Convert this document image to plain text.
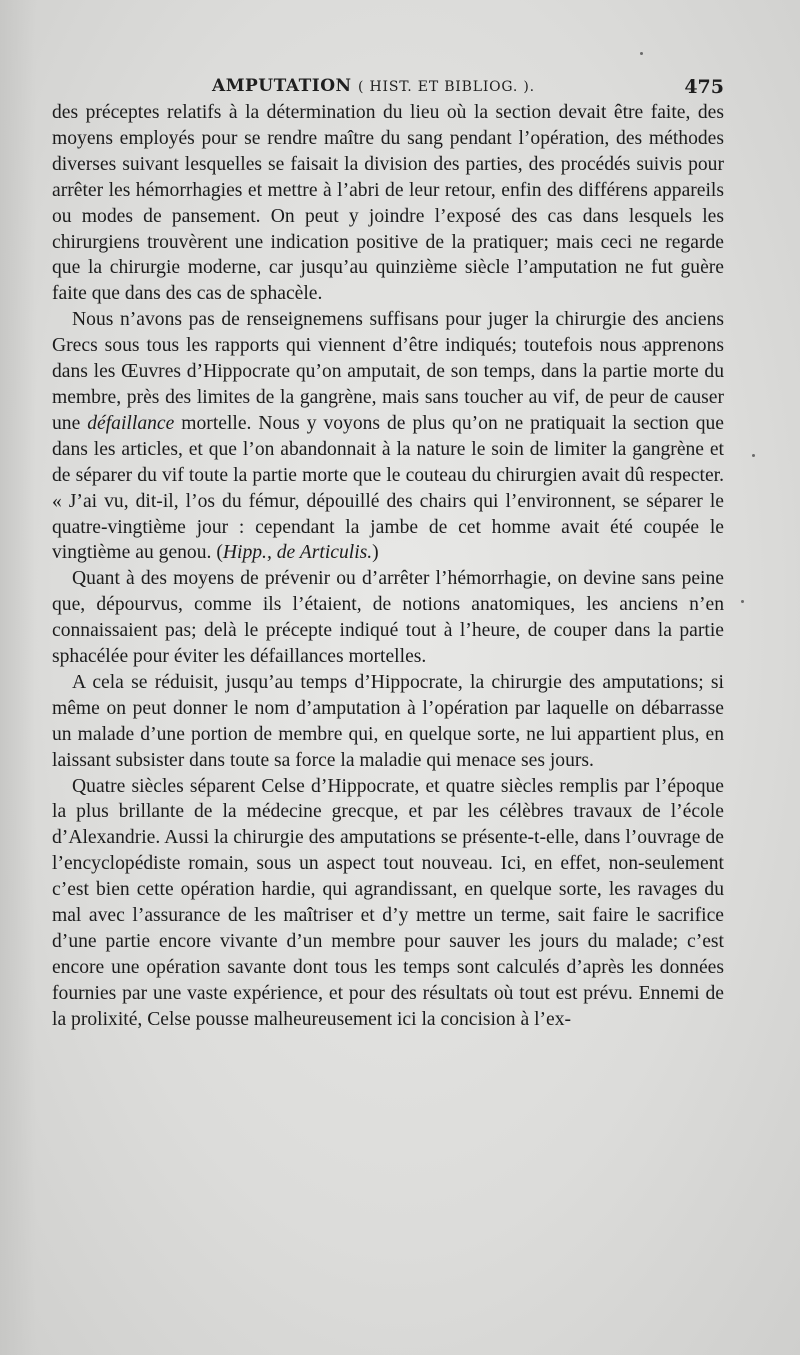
AMPUTATION ( HIST. ET BIBLIOG. ).	475

des préceptes relatifs à la détermination du lieu où la section devait être faite, des moyens employés pour se rendre maître du sang pendant l’opération, des méthodes diverses suivant lesquelles se faisait la division des parties, des procédés suivis pour arrêter les hémorrhagies et mettre à l’abri de leur retour, enfin des différens appareils ou modes de pansement. On peut y joindre l’exposé des cas dans lesquels les chirurgiens trouvèrent une indication positive de la pratiquer; mais ceci ne regarde que la chirurgie moderne, car jusqu’au quinzième siècle l’amputation ne fut guère faite que dans des cas de sphacèle.

Nous n’avons pas de renseignemens suffisans pour juger la chirurgie des anciens Grecs sous tous les rapports qui viennent d’être indiqués; toutefois nous apprenons dans les Œuvres d’Hippocrate qu’on amputait, de son temps, dans la partie morte du membre, près des limites de la gangrène, mais sans toucher au vif, de peur de causer une défaillance mortelle. Nous y voyons de plus qu’on ne pratiquait la section que dans les articles, et que l’on abandonnait à la nature le soin de limiter la gangrène et de séparer du vif toute la partie morte que le couteau du chirurgien avait dû respecter. « J’ai vu, dit-il, l’os du fémur, dépouillé des chairs qui l’environnent, se séparer le quatre-vingtième jour : cependant la jambe de cet homme avait été coupée le vingtième au genou. (Hipp., de Articulis.)

Quant à des moyens de prévenir ou d’arrêter l’hémorrhagie, on devine sans peine que, dépourvus, comme ils l’étaient, de notions anatomiques, les anciens n’en connaissaient pas; delà le précepte indiqué tout à l’heure, de couper dans la partie sphacélée pour éviter les défaillances mortelles.

A cela se réduisit, jusqu’au temps d’Hippocrate, la chirurgie des amputations; si même on peut donner le nom d’amputation à l’opération par laquelle on débarrasse un malade d’une portion de membre qui, en quelque sorte, ne lui appartient plus, en laissant subsister dans toute sa force la maladie qui menace ses jours.

Quatre siècles séparent Celse d’Hippocrate, et quatre siècles remplis par l’époque la plus brillante de la médecine grecque, et par les célèbres travaux de l’école d’Alexandrie. Aussi la chirurgie des amputations se présente-t-elle, dans l’ouvrage de l’encyclopédiste romain, sous un aspect tout nouveau. Ici, en effet, non-seulement c’est bien cette opération hardie, qui agrandissant, en quelque sorte, les ravages du mal avec l’assurance de les maîtriser et d’y mettre un terme, sait faire le sacrifice d’une partie encore vivante d’un membre pour sauver les jours du malade; c’est encore une opération savante dont tous les temps sont calculés d’après les données fournies par une vaste expérience, et pour des résultats où tout est prévu. Ennemi de la prolixité, Celse pousse malheureusement ici la concision à l’ex-
